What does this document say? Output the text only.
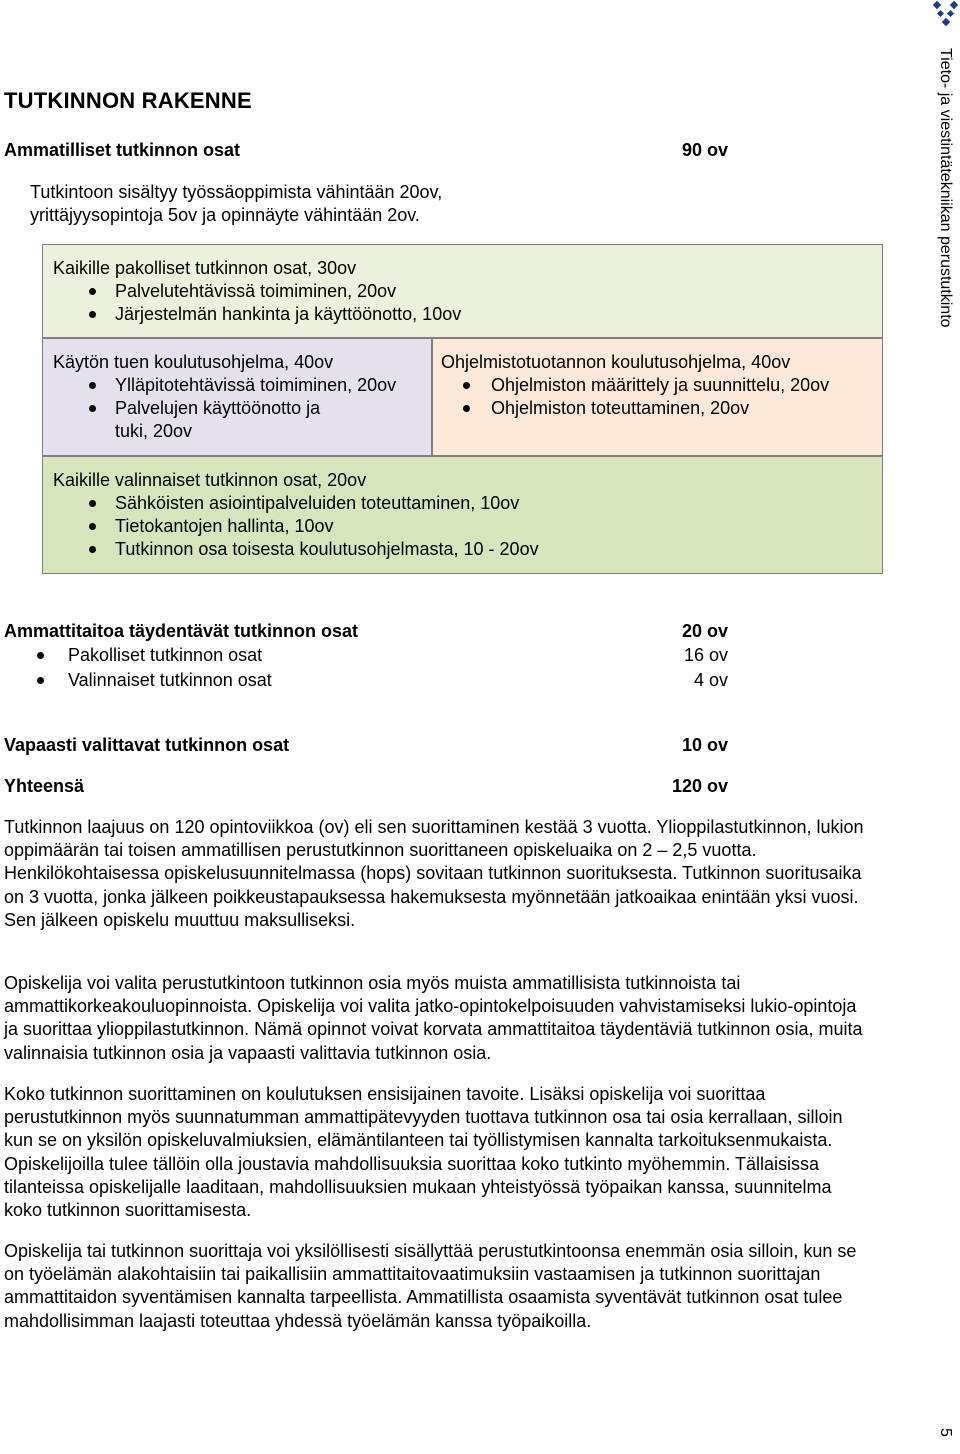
Tieto- ja viestintätekniikan perustutkinto
5
TUTKINNON RAKENNE
Ammatilliset tutkinnon osat	90 ov
Tutkintoon sisältyy työssäoppimista vähintään 20ov, yrittäjyysopintoja 5ov ja opinnäyte vähintään 2ov.
Kaikille pakolliset tutkinnon osat, 30ov
Palvelutehtävissä toimiminen, 20ov
Järjestelmän hankinta ja käyttöönotto, 10ov
Käytön tuen koulutusohjelma, 40ov
Ylläpitotehtävissä toimiminen, 20ov
Palvelujen käyttöönotto ja tuki, 20ov
Ohjelmistotuotannon koulutusohjelma, 40ov
Ohjelmiston määrittely ja suunnittelu, 20ov
Ohjelmiston toteuttaminen, 20ov
Kaikille valinnaiset tutkinnon osat, 20ov
Sähköisten asiointipalveluiden toteuttaminen, 10ov
Tietokantojen hallinta, 10ov
Tutkinnon osa toisesta koulutusohjelmasta, 10 - 20ov
Ammattitaitoa täydentävät tutkinnon osat	20 ov
Pakolliset tutkinnon osat	16 ov
Valinnaiset tutkinnon osat	4 ov
Vapaasti valittavat tutkinnon osat	10 ov
Yhteensä	120 ov

Tutkinnon laajuus on 120 opintoviikkoa (ov) eli sen suorittaminen kestää 3 vuotta. Ylioppilastutkinnon, lukion oppimäärän tai toisen ammatillisen perustutkinnon suorittaneen opiskeluaika on 2 – 2,5 vuotta. Henkilökohtaisessa opiskelusuunnitelmassa (hops) sovitaan tutkinnon suorituksesta. Tutkinnon suoritusaika on 3 vuotta, jonka jälkeen poikkeustapauksessa hakemuksesta myönnetään jatkoaikaa enintään yksi vuosi. Sen jälkeen opiskelu muuttuu maksulliseksi.

Opiskelija voi valita perustutkintoon tutkinnon osia myös muista ammatillisista tutkinnoista tai ammattikorkeakouluopinnoista. Opiskelija voi valita jatko-opintokelpoisuuden vahvistamiseksi lukio-opintoja ja suorittaa ylioppilastutkinnon. Nämä opinnot voivat korvata ammattitaitoa täydentäviä tutkinnon osia, muita valinnaisia tutkinnon osia ja vapaasti valittavia tutkinnon osia.

Koko tutkinnon suorittaminen on koulutuksen ensisijainen tavoite. Lisäksi opiskelija voi suorittaa perustutkinnon myös suunnatumman ammattipätevyyden tuottava tutkinnon osa tai osia kerrallaan, silloin kun se on yksilön opiskeluvalmiuksien, elämäntilanteen tai työllistymisen kannalta tarkoituksenmukaista. Opiskelijoilla tulee tällöin olla joustavia mahdollisuuksia suorittaa koko tutkinto myöhemmin. Tällaisissa tilanteissa opiskelijalle laaditaan, mahdollisuuksien mukaan yhteistyössä työpaikan kanssa, suunnitelma koko tutkinnon suorittamisesta.

Opiskelija tai tutkinnon suorittaja voi yksilöllisesti sisällyttää perustutkintoonsa enemmän osia silloin, kun se on työelämän alakohtaisiin tai paikallisiin ammattitaitovaatimuksiin vastaamisen ja tutkinnon suorittajan ammattitaidon syventämisen kannalta tarpeellista. Ammatillista osaamista syventävät tutkinnon osat tulee mahdollisimman laajasti toteuttaa yhdessä työelämän kanssa työpaikoilla.
